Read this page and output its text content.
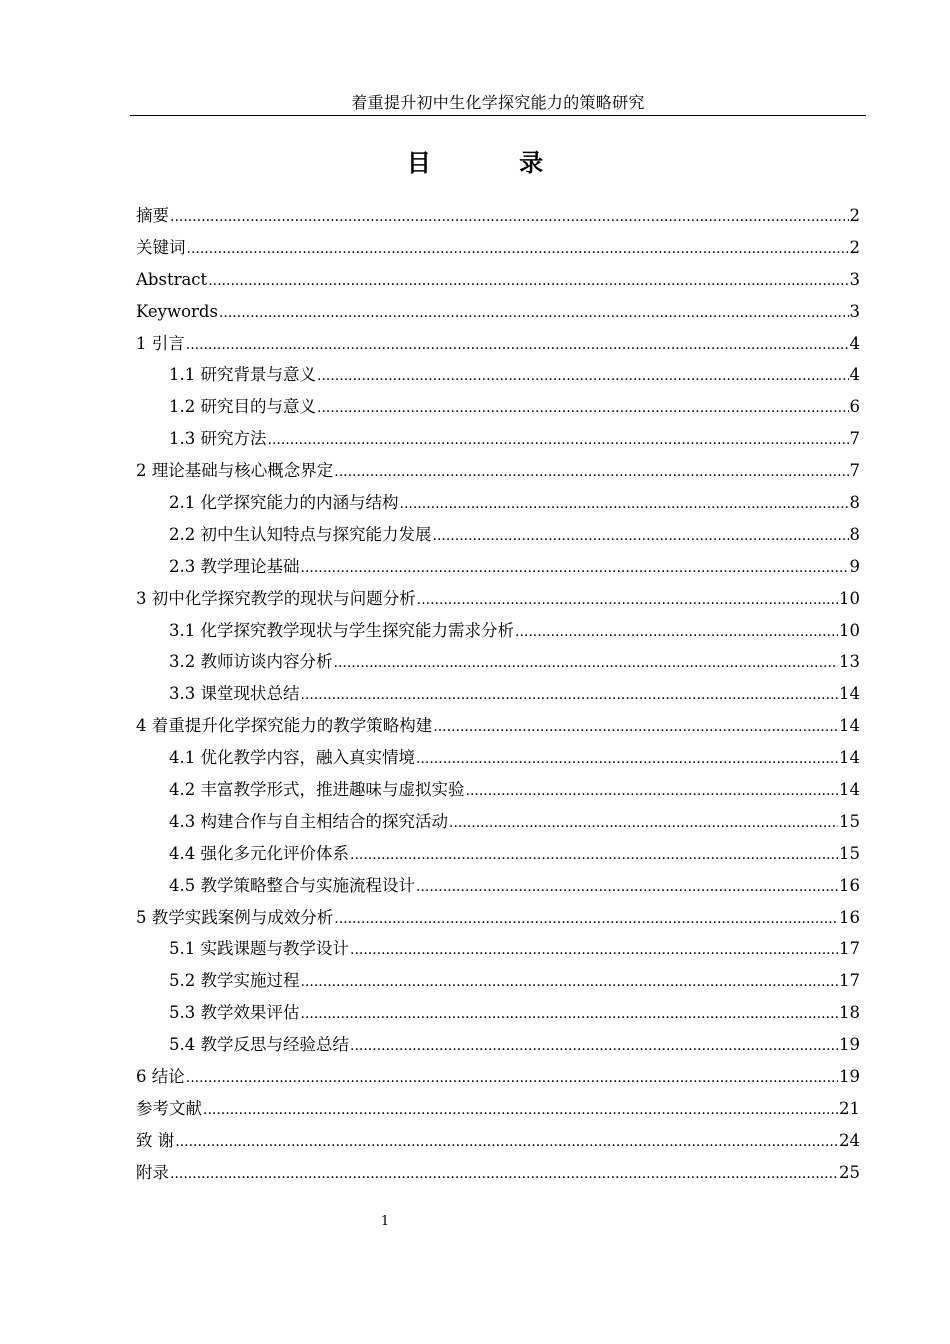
着重提升初中生化学探究能力的策略研究
目 录
摘要 .....	2
关键词 .....	2
Abstract .....	3
Keywords .....	3
1 引言 .....	4
1.1 研究背景与意义 .....	4
1.2 研究目的与意义 .....	6
1.3 研究方法 .....	7
2 理论基础与核心概念界定 .....	7
2.1 化学探究能力的内涵与结构 .....	8
2.2 初中生认知特点与探究能力发展 .....	8
2.3 教学理论基础 .....	9
3 初中化学探究教学的现状与问题分析 .....	10
3.1 化学探究教学现状与学生探究能力需求分析 .....	10
3.2 教师访谈内容分析 .....	13
3.3 课堂现状总结 .....	14
4 着重提升化学探究能力的教学策略构建 .....	14
4.1 优化教学内容，融入真实情境 .....	14
4.2 丰富教学形式，推进趣味与虚拟实验 .....	14
4.3 构建合作与自主相结合的探究活动 .....	15
4.4 强化多元化评价体系 .....	15
4.5 教学策略整合与实施流程设计 .....	16
5 教学实践案例与成效分析 .....	16
5.1 实践课题与教学设计 .....	17
5.2 教学实施过程 .....	17
5.3 教学效果评估 .....	18
5.4 教学反思与经验总结 .....	19
6 结论 .....	19
参考文献 .....	21
致 谢 .....	24
附录 .....	25
1
